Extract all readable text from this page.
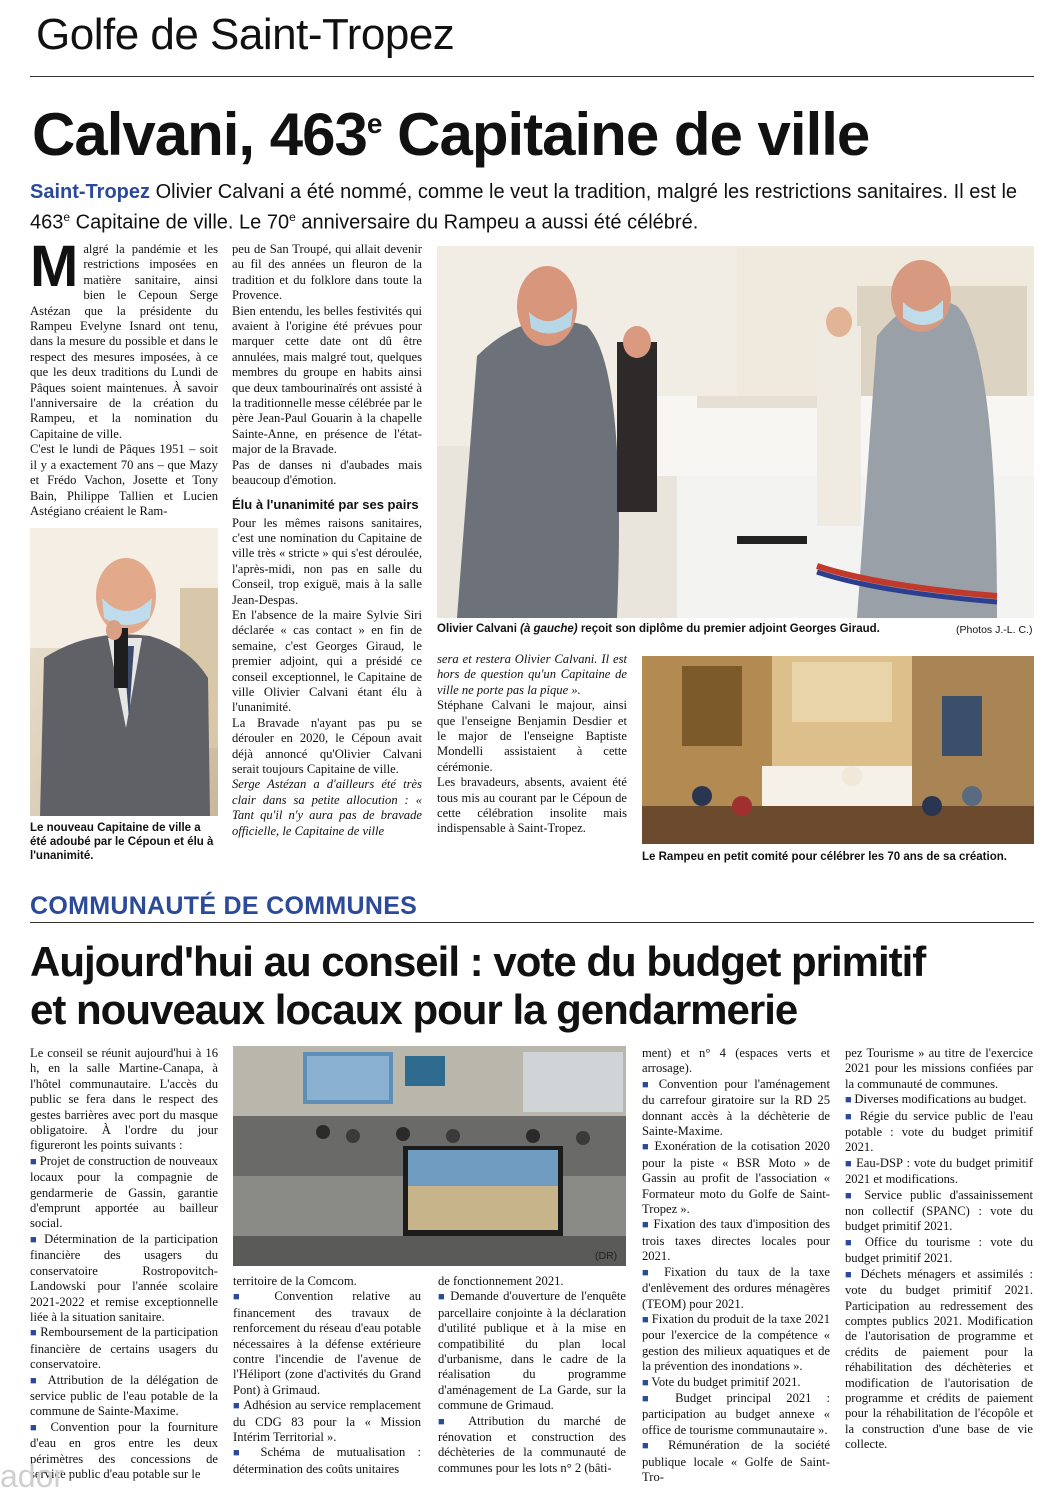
Golfe de Saint-Tropez
Calvani, 463e Capitaine de ville
Saint-Tropez Olivier Calvani a été nommé, comme le veut la tradition, malgré les restrictions sanitaires. Il est le 463e Capitaine de ville. Le 70e anniversaire du Rampeu a aussi été célébré.

Malgré la pandémie et les restrictions imposées en matière sanitaire, ainsi bien le Cepoun Serge Astézan que la présidente du Rampeu Evelyne Isnard ont tenu, dans la mesure du possible et dans le respect des mesures imposées, à ce que les deux traditions du Lundi de Pâques soient maintenues. À savoir l'anniversaire de la création du Rampeu, et la nomination du Capitaine de ville.

C'est le lundi de Pâques 1951 – soit il y a exactement 70 ans – que Mazy et Frédo Vachon, Josette et Tony Bain, Philippe Tallien et Lucien Astégiano créaient le Ram-

Le nouveau Capitaine de ville a été adoubé par le Cépoun et élu à l'unanimité.

peu de San Troupé, qui allait devenir au fil des années un fleuron de la tradition et du folklore dans toute la Provence.

Bien entendu, les belles festivités qui avaient à l'origine été prévues pour marquer cette date ont dû être annulées, mais malgré tout, quelques membres du groupe en habits ainsi que deux tambourinaïrés ont assisté à la traditionnelle messe célébrée par le père Jean-Paul Gouarin à la chapelle Sainte-Anne, en présence de l'état-major de la Bravade.

Pas de danses ni d'aubades mais beaucoup d'émotion.

Élu à l'unanimité par ses pairs

Pour les mêmes raisons sanitaires, c'est une nomination du Capitaine de ville très « stricte » qui s'est déroulée, l'après-midi, non pas en salle du Conseil, trop exiguë, mais à la salle Jean-Despas.

En l'absence de la maire Sylvie Siri déclarée « cas contact » en fin de semaine, c'est Georges Giraud, le premier adjoint, qui a présidé ce conseil exceptionnel, le Capitaine de ville Olivier Calvani étant élu à l'unanimité.

La Bravade n'ayant pas pu se dérouler en 2020, le Cépoun avait déjà annoncé qu'Olivier Calvani serait toujours Capitaine de ville.

Serge Astézan a d'ailleurs été très clair dans sa petite allocution : « Tant qu'il n'y aura pas de bravade officielle, le Capitaine de ville

Olivier Calvani (à gauche) reçoit son diplôme du premier adjoint Georges Giraud.	(Photos J.-L. C.)

sera et restera Olivier Calvani. Il est hors de question qu'un Capitaine de ville ne porte pas la pique ».

Stéphane Calvani le majour, ainsi que l'enseigne Benjamin Desdier et le major de l'enseigne Baptiste Mondelli assistaient à cette cérémonie.

Les bravadeurs, absents, avaient été tous mis au courant par le Cépoun de cette célébration insolite mais indispensable à Saint-Tropez.

Le Rampeu en petit comité pour célébrer les 70 ans de sa création.
COMMUNAUTÉ DE COMMUNES
Aujourd'hui au conseil : vote du budget primitif
et nouveaux locaux pour la gendarmerie

Le conseil se réunit aujourd'hui à 16 h, en la salle Martine-Canapa, à l'hôtel communautaire. L'accès du public se fera dans le respect des gestes barrières avec port du masque obligatoire. À l'ordre du jour figureront les points suivants :

■ Projet de construction de nouveaux locaux pour la compagnie de gendarmerie de Gassin, garantie d'emprunt apportée au bailleur social.

■ Détermination de la participation financière des usagers du conservatoire Rostropovitch-Landowski pour l'année scolaire 2021-2022 et remise exceptionnelle liée à la situation sanitaire.

■ Remboursement de la participation financière de certains usagers du conservatoire.

■ Attribution de la délégation de service public de l'eau potable de la commune de Sainte-Maxime.

■ Convention pour la fourniture d'eau en gros entre les deux périmètres des concessions de service public d'eau potable sur le

(DR)

territoire de la Comcom.

■ Convention relative au financement des travaux de renforcement du réseau d'eau potable nécessaires à la défense extérieure contre l'incendie de l'avenue de l'Héliport (zone d'activités du Grand Pont) à Grimaud.

■ Adhésion au service remplacement du CDG 83 pour la « Mission Intérim Territorial ».

■ Schéma de mutualisation : détermination des coûts unitaires

de fonctionnement 2021.

■ Demande d'ouverture de l'enquête parcellaire conjointe à la déclaration d'utilité publique et à la mise en compatibilité du plan local d'urbanisme, dans le cadre de la réalisation du programme d'aménagement de La Garde, sur la commune de Grimaud.

■ Attribution du marché de rénovation et construction des déchèteries de la communauté de communes pour les lots n° 2 (bâti-

ment) et n° 4 (espaces verts et arrosage).

■ Convention pour l'aménagement du carrefour giratoire sur la RD 25 donnant accès à la déchèterie de Sainte-Maxime.

■ Exonération de la cotisation 2020 pour la piste « BSR Moto » de Gassin au profit de l'association « Formateur moto du Golfe de Saint-Tropez ».

■ Fixation des taux d'imposition des trois taxes directes locales pour 2021.

■ Fixation du taux de la taxe d'enlèvement des ordures ménagères (TEOM) pour 2021.

■ Fixation du produit de la taxe 2021 pour l'exercice de la compétence « gestion des milieux aquatiques et de la prévention des inondations ».

■ Vote du budget primitif 2021.

■ Budget principal 2021 : participation au budget annexe « office de tourisme communautaire ».

■ Rémunération de la société publique locale « Golfe de Saint-Tro-

pez Tourisme » au titre de l'exercice 2021 pour les missions confiées par la communauté de communes.

■ Diverses modifications au budget.

■ Régie du service public de l'eau potable : vote du budget primitif 2021.

■ Eau-DSP : vote du budget primitif 2021 et modifications.

■ Service public d'assainissement non collectif (SPANC) : vote du budget primitif 2021.

■ Office du tourisme : vote du budget primitif 2021.

■ Déchets ménagers et assimilés : vote du budget primitif 2021. Participation au redressement des comptes publics 2021. Modification de l'autorisation de programme et crédits de paiement pour la réhabilitation des déchèteries et modification de l'autorisation de programme et crédits de paiement pour la réhabilitation de l'écopôle et la construction d'une base de vie collecte.

ador
